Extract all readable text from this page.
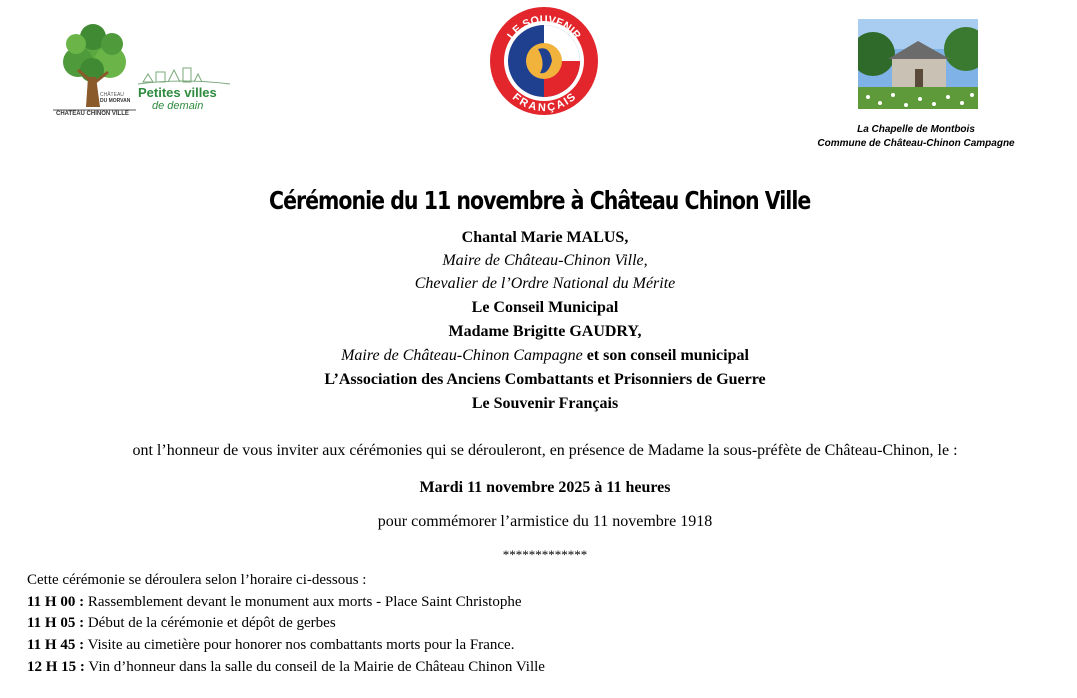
CHÂTEAU
DU MORVAN
CHATEAU CHINON VILLE
Petites villes
de demain
LE SOUVENIR
FRANÇAIS
La Chapelle de Montbois
Commune de Château-Chinon Campagne
Cérémonie du 11 novembre à Château Chinon Ville
Chantal Marie MALUS,
Maire de Château-Chinon Ville,
Chevalier de l’Ordre National du Mérite
Le Conseil Municipal
Madame Brigitte GAUDRY,
Maire de Château-Chinon Campagne et son conseil municipal
L’Association des Anciens Combattants et Prisonniers de Guerre
Le Souvenir Français
ont l’honneur de vous inviter aux cérémonies qui se dérouleront, en présence de Madame la sous-préfète de Château-Chinon, le :
Mardi 11 novembre 2025 à 11 heures
pour commémorer l’armistice du 11 novembre 1918
*************
Cette cérémonie se déroulera selon l’horaire ci-dessous :
11 H 00 : Rassemblement devant le monument aux morts - Place Saint Christophe
11 H 05 : Début de la cérémonie et dépôt de gerbes
11 H 45 : Visite au cimetière pour honorer nos combattants morts pour la France.
12 H 15 : Vin d’honneur dans la salle du conseil de la Mairie de Château Chinon Ville
